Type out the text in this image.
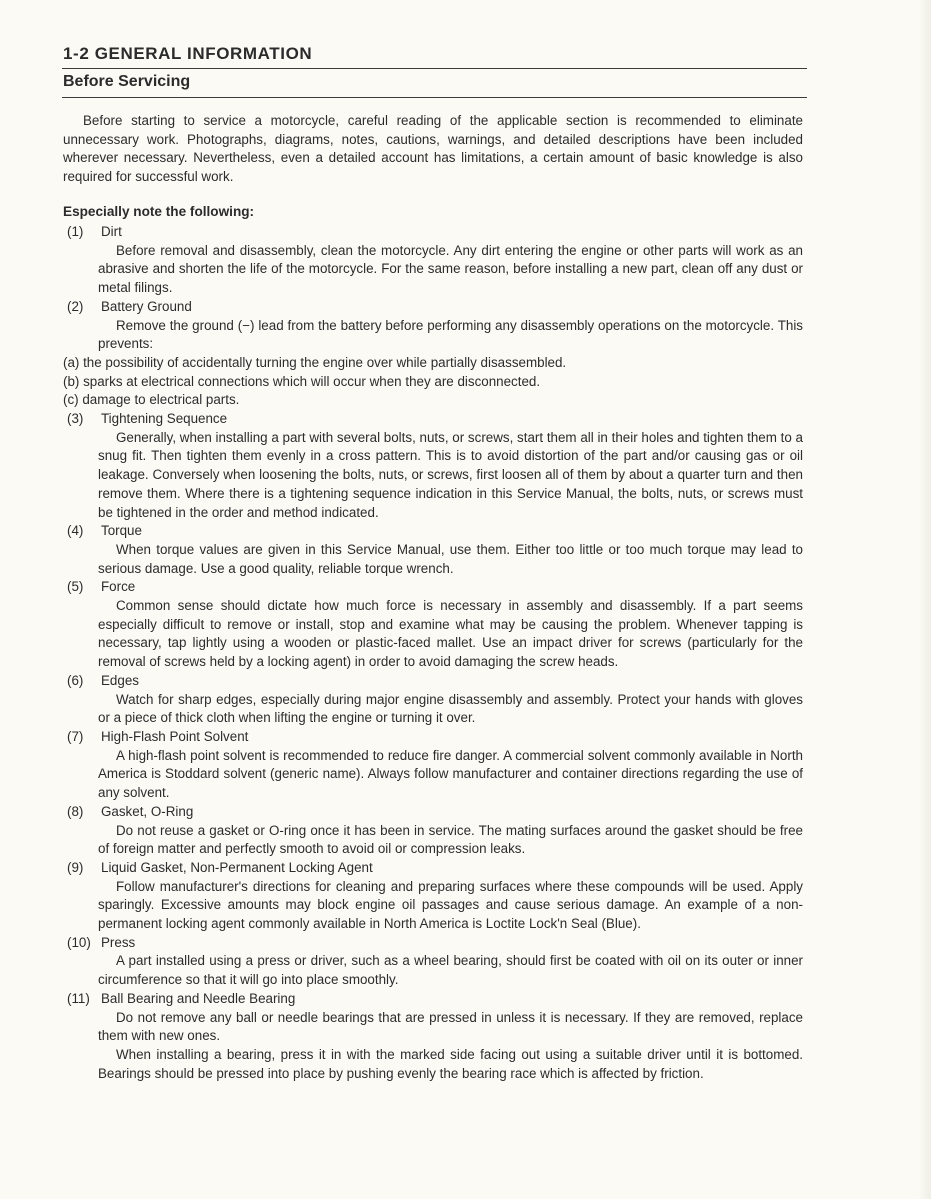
1-2 GENERAL INFORMATION
Before Servicing
Before starting to service a motorcycle, careful reading of the applicable section is recommended to eliminate unnecessary work. Photographs, diagrams, notes, cautions, warnings, and detailed descriptions have been included wherever necessary. Nevertheless, even a detailed account has limitations, a certain amount of basic knowledge is also required for successful work.
Especially note the following:
(1)	Dirt
Before removal and disassembly, clean the motorcycle. Any dirt entering the engine or other parts will work as an abrasive and shorten the life of the motorcycle. For the same reason, before installing a new part, clean off any dust or metal filings.
(2)	Battery Ground
Remove the ground (−) lead from the battery before performing any disassembly operations on the motorcycle. This prevents:
(a) the possibility of accidentally turning the engine over while partially disassembled.
(b) sparks at electrical connections which will occur when they are disconnected.
(c) damage to electrical parts.
(3)	Tightening Sequence
Generally, when installing a part with several bolts, nuts, or screws, start them all in their holes and tighten them to a snug fit. Then tighten them evenly in a cross pattern. This is to avoid distortion of the part and/or causing gas or oil leakage. Conversely when loosening the bolts, nuts, or screws, first loosen all of them by about a quarter turn and then remove them. Where there is a tightening sequence indication in this Service Manual, the bolts, nuts, or screws must be tightened in the order and method indicated.
(4)	Torque
When torque values are given in this Service Manual, use them. Either too little or too much torque may lead to serious damage. Use a good quality, reliable torque wrench.
(5)	Force
Common sense should dictate how much force is necessary in assembly and disassembly. If a part seems especially difficult to remove or install, stop and examine what may be causing the problem. Whenever tapping is necessary, tap lightly using a wooden or plastic-faced mallet. Use an impact driver for screws (particularly for the removal of screws held by a locking agent) in order to avoid damaging the screw heads.
(6)	Edges
Watch for sharp edges, especially during major engine disassembly and assembly. Protect your hands with gloves or a piece of thick cloth when lifting the engine or turning it over.
(7)	High-Flash Point Solvent
A high-flash point solvent is recommended to reduce fire danger. A commercial solvent commonly available in North America is Stoddard solvent (generic name). Always follow manufacturer and container directions regarding the use of any solvent.
(8)	Gasket, O-Ring
Do not reuse a gasket or O-ring once it has been in service. The mating surfaces around the gasket should be free of foreign matter and perfectly smooth to avoid oil or compression leaks.
(9)	Liquid Gasket, Non-Permanent Locking Agent
Follow manufacturer's directions for cleaning and preparing surfaces where these compounds will be used. Apply sparingly. Excessive amounts may block engine oil passages and cause serious damage. An example of a non-permanent locking agent commonly available in North America is Loctite Lock'n Seal (Blue).
(10) Press
A part installed using a press or driver, such as a wheel bearing, should first be coated with oil on its outer or inner circumference so that it will go into place smoothly.
(11) Ball Bearing and Needle Bearing
Do not remove any ball or needle bearings that are pressed in unless it is necessary. If they are removed, replace them with new ones.
When installing a bearing, press it in with the marked side facing out using a suitable driver until it is bottomed. Bearings should be pressed into place by pushing evenly the bearing race which is affected by friction.
